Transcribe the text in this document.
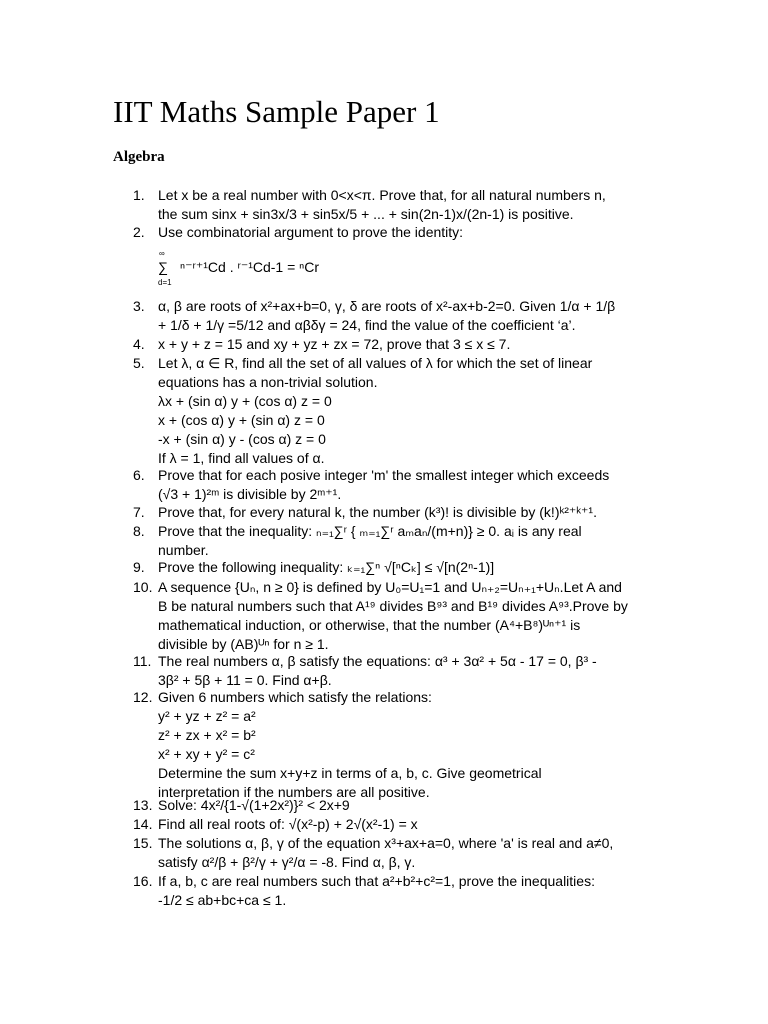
IIT Maths Sample Paper 1
Algebra
1. Let x be a real number with 0<x<π. Prove that, for all natural numbers n,
the sum sinx + sin3x/3 + sin5x/5 + ... + sin(2n-1)x/(2n-1) is positive.
2. Use combinatorial argument to prove the identity:
∞
∑
d=1
ⁿ⁻ʳ⁺¹Cd . ʳ⁻¹Cd-1 = ⁿCr
3. α, β are roots of x²+ax+b=0, γ, δ are roots of x²-ax+b-2=0. Given 1/α + 1/β
+ 1/δ + 1/γ =5/12 and αβδγ = 24, find the value of the coefficient ‘a’.
4. x + y + z = 15 and xy + yz + zx = 72, prove that 3 ≤ x ≤ 7.
5. Let λ, α ∈ R, find all the set of all values of λ for which the set of linear
equations has a non-trivial solution.
λx + (sin α) y + (cos α) z = 0
x + (cos α) y + (sin α) z = 0
-x + (sin α) y - (cos α) z = 0
If λ = 1, find all values of α.
6. Prove that for each posive integer 'm' the smallest integer which exceeds
(√3 + 1)²ᵐ is divisible by 2ᵐ⁺¹.
7. Prove that, for every natural k, the number (k³)! is divisible by (k!)ᵏ²⁺ᵏ⁺¹.
8. Prove that the inequality: ₙ₌₁∑ʳ { ₘ₌₁∑ʳ aₘaₙ/(m+n)} ≥ 0. aᵢ is any real
number.
9. Prove the following inequality: ₖ₌₁∑ⁿ √[ⁿCₖ] ≤ √[n(2ⁿ-1)]
10. A sequence {Uₙ, n ≥ 0} is defined by U₀=U₁=1 and Uₙ₊₂=Uₙ₊₁+Uₙ.Let A and
B be natural numbers such that A¹⁹ divides B⁹³ and B¹⁹ divides A⁹³.Prove by
mathematical induction, or otherwise, that the number (A⁴+B⁸)ᵁⁿ⁺¹ is
divisible by (AB)ᵁⁿ for n ≥ 1.
11. The real numbers α, β satisfy the equations: α³ + 3α² + 5α - 17 = 0, β³ -
3β² + 5β + 11 = 0. Find α+β.
12. Given 6 numbers which satisfy the relations:
y² + yz + z² = a²
z² + zx + x² = b²
x² + xy + y² = c²
Determine the sum x+y+z in terms of a, b, c. Give geometrical
interpretation if the numbers are all positive.
13. Solve: 4x²/{1-√(1+2x²)}² < 2x+9
14. Find all real roots of: √(x²-p) + 2√(x²-1) = x
15. The solutions α, β, γ of the equation x³+ax+a=0, where 'a' is real and a≠0,
satisfy α²/β + β²/γ + γ²/α = -8. Find α, β, γ.
16. If a, b, c are real numbers such that a²+b²+c²=1, prove the inequalities:
-1/2 ≤ ab+bc+ca ≤ 1.
